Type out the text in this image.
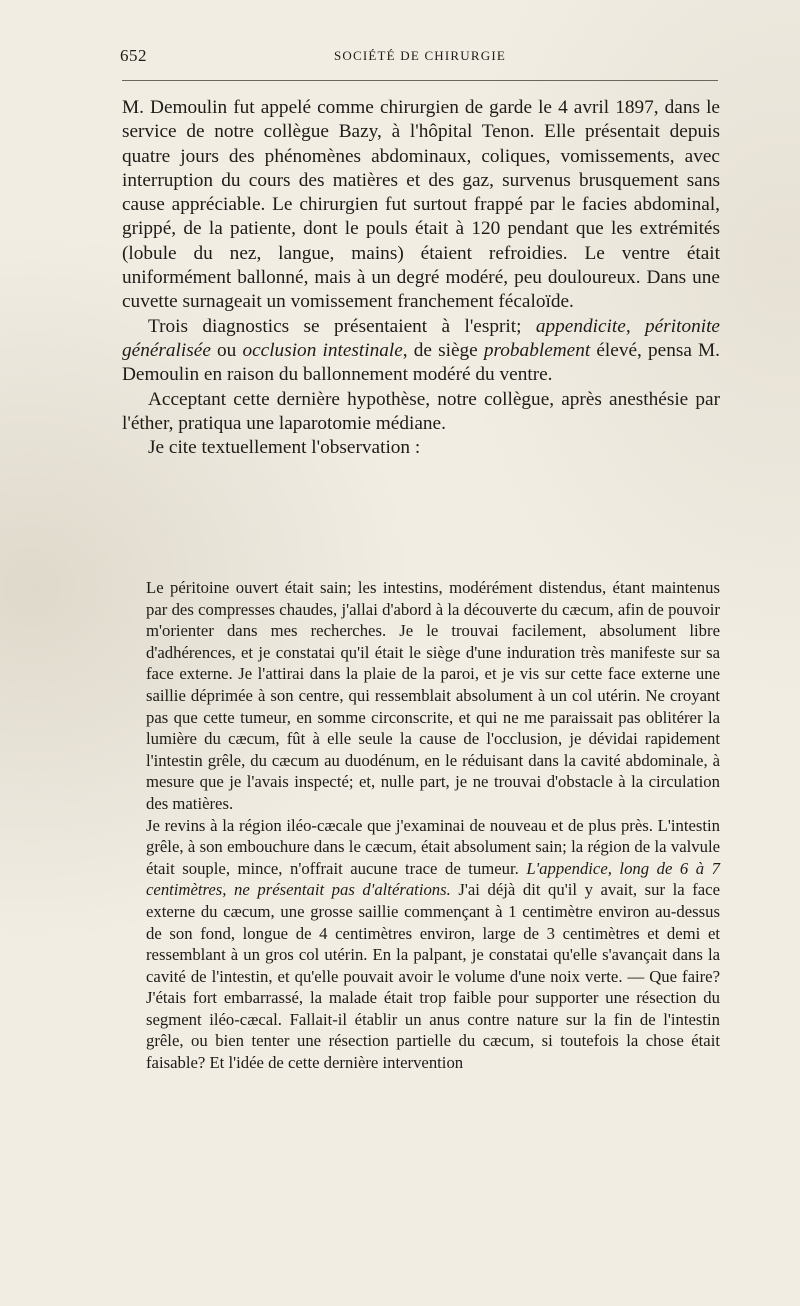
652	SOCIÉTÉ DE CHIRURGIE

M. Demoulin fut appelé comme chirurgien de garde le 4 avril 1897, dans le service de notre collègue Bazy, à l'hôpital Tenon. Elle présentait depuis quatre jours des phénomènes abdominaux, coliques, vomissements, avec interruption du cours des matières et des gaz, survenus brusquement sans cause appréciable. Le chirurgien fut surtout frappé par le facies abdominal, grippé, de la patiente, dont le pouls était à 120 pendant que les extrémités (lobule du nez, langue, mains) étaient refroidies. Le ventre était uniformément ballonné, mais à un degré modéré, peu douloureux. Dans une cuvette surnageait un vomissement franchement fécaloïde.

Trois diagnostics se présentaient à l'esprit; appendicite, péritonite généralisée ou occlusion intestinale, de siège probablement élevé, pensa M. Demoulin en raison du ballonnement modéré du ventre.

Acceptant cette dernière hypothèse, notre collègue, après anesthésie par l'éther, pratiqua une laparotomie médiane.

Je cite textuellement l'observation :

Le péritoine ouvert était sain; les intestins, modérément distendus, étant maintenus par des compresses chaudes, j'allai d'abord à la découverte du cæcum, afin de pouvoir m'orienter dans mes recherches. Je le trouvai facilement, absolument libre d'adhérences, et je constatai qu'il était le siège d'une induration très manifeste sur sa face externe. Je l'attirai dans la plaie de la paroi, et je vis sur cette face externe une saillie déprimée à son centre, qui ressemblait absolument à un col utérin. Ne croyant pas que cette tumeur, en somme circonscrite, et qui ne me paraissait pas oblitérer la lumière du cæcum, fût à elle seule la cause de l'occlusion, je dévidai rapidement l'intestin grêle, du cæcum au duodénum, en le réduisant dans la cavité abdominale, à mesure que je l'avais inspecté; et, nulle part, je ne trouvai d'obstacle à la circulation des matières.

Je revins à la région iléo-cæcale que j'examinai de nouveau et de plus près. L'intestin grêle, à son embouchure dans le cæcum, était absolument sain; la région de la valvule était souple, mince, n'offrait aucune trace de tumeur. L'appendice, long de 6 à 7 centimètres, ne présentait pas d'altérations. J'ai déjà dit qu'il y avait, sur la face externe du cæcum, une grosse saillie commençant à 1 centimètre environ au-dessus de son fond, longue de 4 centimètres environ, large de 3 centimètres et demi et ressemblant à un gros col utérin. En la palpant, je constatai qu'elle s'avançait dans la cavité de l'intestin, et qu'elle pouvait avoir le volume d'une noix verte. — Que faire? J'étais fort embarrassé, la malade était trop faible pour supporter une résection du segment iléo-cæcal. Fallait-il établir un anus contre nature sur la fin de l'intestin grêle, ou bien tenter une résection partielle du cæcum, si toutefois la chose était faisable? Et l'idée de cette dernière intervention
